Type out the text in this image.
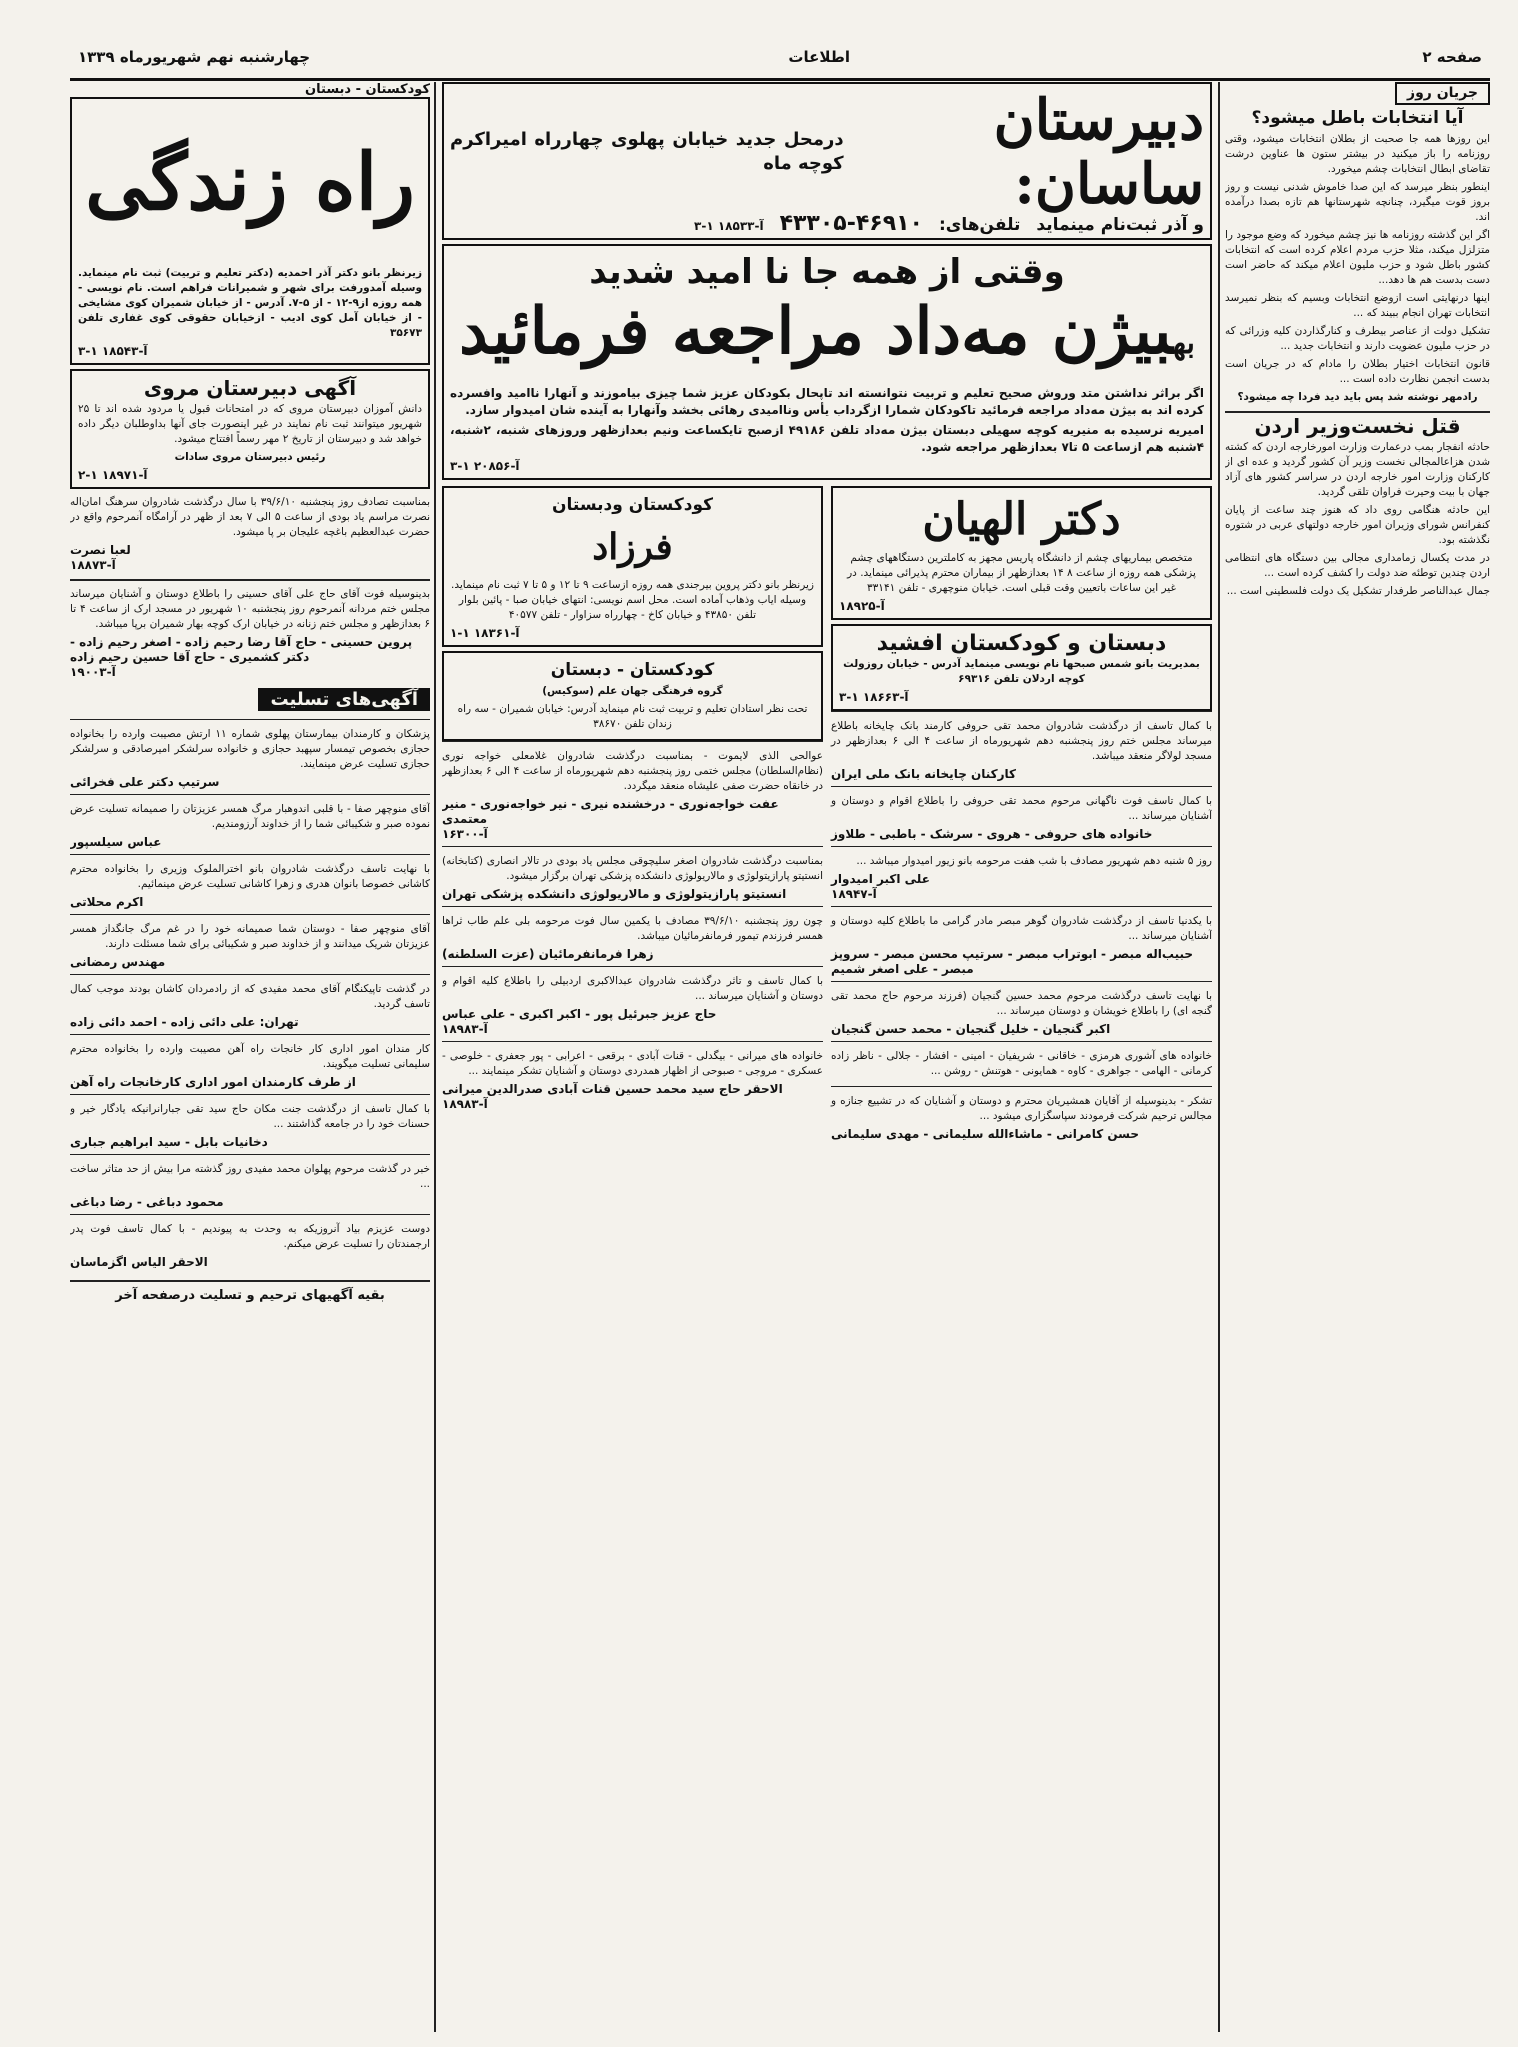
صفحه ۲
اطلاعات
چهارشنبه نهم شهریورماه ۱۳۳۹
جریان روز
آیا انتخابات باطل میشود؟

این روزها همه جا صحبت از بطلان انتخابات میشود، وقتی روزنامه را باز میکنید در بیشتر ستون ها عناوین درشت تقاضای ابطال انتخابات چشم میخورد.

اینطور بنظر میرسد که این صدا خاموش شدنی نیست و روز بروز قوت میگیرد، چنانچه شهرستانها هم تازه بصدا درآمده اند.

اگر این گذشته روزنامه ها نیز چشم میخورد که وضع موجود را متزلزل میکند، مثلا حزب مردم اعلام کرده است که انتخابات کشور باطل شود و حزب ملیون اعلام میکند که حاضر است دست بدست هم ها دهد...

اینها درنهایتی است ازوضع انتخابات وبسیم که بنظر نمیرسد انتخابات تهران انجام ببیند که ...

تشکیل دولت از عناصر بیطرف و کنارگذاردن کلیه وزرائی که در حزب ملیون عضویت دارند و انتخابات جدید ...

قانون انتخابات اختیار بطلان را مادام که در جریان است بدست انجمن نظارت داده است ...

رادمهر نوشته شد پس باید دید فردا چه میشود؟

قتل نخست‌وزیر اردن

حادثه انفجار بمب درعمارت وزارت امورخارجه اردن که کشته شدن هزاعالمجالی نخست وزیر آن کشور گردید و عده ای از کارکنان وزارت امور خارجه اردن در سراسر کشور های آزاد جهان با بیت وحیرت فراوان تلقی گردید.

این حادثه هنگامی روی داد که هنوز چند ساعت از پایان کنفرانس شورای وزیران امور خارجه دولتهای عربی در شتوره نگذشته بود.

در مدت یکسال زمامداری مجالی بین دستگاه های انتظامی اردن چندین توطئه ضد دولت را کشف کرده است ...

جمال عبدالناصر طرفدار تشکیل یک دولت فلسطینی است ...

دبیرستان ساسان:
درمحل جدید خیابان پهلوی چهارراه امیراکرم کوچه ماه
و آذر ثبت‌نام مینماید
تلفن‌های:
۴۳۳۰۵-۴۶۹۱۰
آ-۱۸۵۳۳ ۱-۳
وقتی از همه جا نا امید شدید
بهبیژن مه‌داد مراجعه فرمائید

اگر براثر نداشتن متد وروش صحیح تعلیم و تربیت نتوانسته اند تاپحال بکودکان عزیز شما چیزی بیاموزند و آنهارا ناامید وافسرده کرده اند به بیژن مه‌داد مراجعه فرمائید تاکودکان شمارا ازگرداب یأس وناامیدی رهائی بخشد وآنهارا به آینده شان امیدوار سازد.

امیریه نرسیده به منیریه کوچه سهیلی دبستان بیژن مه‌داد تلفن ۴۹۱۸۶ ازصبح تایکساعت ونیم بعدازظهر وروزهای شنبه، ۲شنبه، ۴شنبه هم ازساعت ۵ تا۷ بعدازظهر مراجعه شود.

آ-۲۰۸۵۶ ۱-۳
دکتر الهیان

متخصص بیماریهای چشم از دانشگاه پاریس مجهز به کاملترین دستگاههای چشم پزشکی همه روزه از ساعت ۸ ۱۴ بعدازظهر از بیماران محترم پذیرائی مینماید. در غیر این ساعات باتعیین وقت قبلی است. خیابان منوچهری - تلفن ۳۳۱۴۱

آ-۱۸۹۲۵
دبستان و کودکستان افشید

بمدیریت بانو شمس صبحها نام نویسی مینماید آدرس - خیابان روزولت کوچه اردلان تلفن ۶۹۳۱۶

آ-۱۸۶۶۳ ۱-۳

با کمال تاسف از درگذشت شادروان محمد تقی حروفی کارمند بانک چایخانه باطلاع میرساند مجلس ختم روز پنجشنبه دهم شهریورماه از ساعت ۴ الی ۶ بعدازظهر در مسجد لولاگر منعقد میباشد.

کارکنان چایخانه بانک ملی ایران

با کمال تاسف فوت ناگهانی مرحوم محمد تقی حروفی را باطلاع اقوام و دوستان و آشنایان میرساند ...

خانواده های حروفی - هروی - سرشک - باطبی - طلاوز

روز ۵ شنبه دهم شهریور مصادف با شب هفت مرحومه بانو زیور امیدوار میباشد ...

علی اکبر امیدوار
آ-۱۸۹۴۷

با یکدنیا تاسف از درگذشت شادروان گوهر مبصر مادر گرامی ما باطلاع کلیه دوستان و آشنایان میرساند ...

حبیب‌اله مبصر - ابوتراب مبصر - سرتیپ محسن مبصر - سروپز مبصر - علی اصغر شمیم

با نهایت تاسف درگذشت مرحوم محمد حسین گنجیان (فرزند مرحوم حاج محمد تقی گنجه ای) را باطلاع خویشان و دوستان میرساند ...

اکبر گنجیان - خلیل گنجیان - محمد حسن گنجیان

خانواده های آشوری هرمزی - خاقانی - شریفیان - امینی - افشار - جلالی - ناظر زاده کرمانی - الهامی - جواهری - کاوه - همایونی - هوتنش - روشن ...

تشکر - بدینوسیله از آقایان همشیریان محترم و دوستان و آشنایان که در تشییع جنازه و مجالس ترحیم شرکت فرمودند سپاسگزاری میشود ...

حسن کامرانی - ماشاءالله سلیمانی - مهدی سلیمانی
کودکستان ودبستان
فرزاد

زیرنظر بانو دکتر پروین بیرجندی همه روزه ازساعت ۹ تا ۱۲ و ۵ تا ۷ ثبت نام مینماید. وسیله ایاب وذهاب آماده است. محل اسم نویسی: انتهای خیابان صبا - پائین بلوار تلفن ۴۳۸۵۰ و خیابان کاخ - چهارراه سزاوار - تلفن ۴۰۵۷۷

آ-۱۸۳۶۱ ۱-۱
کودکستان - دبستان

گروه فرهنگی جهان علم (سوکیس)

تحت نظر استادان تعلیم و تربیت ثبت نام مینماید آدرس: خیابان شمیران - سه راه زندان تلفن ۳۸۶۷۰

عوالحی الذی لایموت - بمناسبت درگذشت شادروان غلامعلی خواجه نوری (نظام‌السلطان) مجلس ختمی روز پنجشنبه دهم شهریورماه از ساعت ۴ الی ۶ بعدازظهر در خانقاه حضرت صفی علیشاه منعقد میگردد.

عفت خواجه‌نوری - درخشنده نیری - نیر خواجه‌نوری - منیر معتمدی
آ-۱۶۳۰۰

بمناسبت درگذشت شادروان اصغر سلیچوقی مجلس یاد بودی در تالار انصاری (کتابخانه) انستیتو پارازیتولوژی و مالاریولوژی دانشکده پزشکی تهران برگزار میشود.

انستیتو پارازیتولوژی و مالاریولوژی دانشکده پزشکی تهران

چون روز پنجشنبه ۳۹/۶/۱۰ مصادف با یکمین سال فوت مرحومه بلی علم طاب ثراها همسر فرزندم تیمور فرمانفرمائیان میباشد.

زهرا فرمانفرمائیان (عزت السلطنه)

با کمال تاسف و تاثر درگذشت شادروان عبدالاکبری اردبیلی را باطلاع کلیه اقوام و دوستان و آشنایان میرساند ...

حاج عزیز جبرئیل پور - اکبر اکبری - علی عباس
آ-۱۸۹۸۳

خانواده های میرانی - بیگدلی - قنات آبادی - برقعی - اعرابی - پور جعفری - خلوصی - عسکری - مروجی - صبوحی از اظهار همدردی دوستان و آشنایان تشکر مینمایند ...

الاحقر حاج سید محمد حسین قنات آبادی صدرالدین میرانی
آ-۱۸۹۸۳
کودکستان - دبستان
راه زندگی

زیرنظر بانو دکتر آذر احمدیه (دکتر تعلیم و تربیت) ثبت نام مینماید. وسیله آمدورفت برای شهر و شمیرانات فراهم است. نام نویسی - همه روزه از۹-۱۲ - از ۵-۷. آدرس - از خیابان شمیران کوی مشایخی - از خیابان آمل کوی ادیب - ازخیابان حقوقی کوی غفاری تلفن ۳۵۶۷۳

آ-۱۸۵۴۳ ۱-۳
آگهی دبیرستان مروی

دانش آموزان دبیرستان مروی که در امتحانات قبول یا مردود شده اند تا ۲۵ شهریور میتوانند ثبت نام نمایند در غیر اینصورت جای آنها بداوطلبان دیگر داده خواهد شد و دبیرستان از تاریخ ۲ مهر رسماً افتتاح میشود.

رئیس دبیرستان مروی سادات

آ-۱۸۹۷۱ ۱-۲

بمناسبت تصادف روز پنجشنبه ۳۹/۶/۱۰ با سال درگذشت شادروان سرهنگ امان‌اله نصرت مراسم یاد بودی از ساعت ۵ الی ۷ بعد از ظهر در آرامگاه آنمرحوم واقع در حضرت عبدالعظیم باغچه علیجان بر پا میشود.

لعبا نصرت
آ-۱۸۸۷۳

بدینوسیله فوت آقای حاج علی آقای حسینی را باطلاع دوستان و آشنایان میرساند مجلس ختم مردانه آنمرحوم روز پنجشنبه ۱۰ شهریور در مسجد ارک از ساعت ۴ تا ۶ بعدازظهر و مجلس ختم زنانه در خیابان ارک کوچه بهار شمیران برپا میباشد.

پروین حسینی - حاج آقا رضا رحیم زاده - اصغر رحیم زاده - دکتر کشمیری - حاج آقا حسین رحیم زاده
آ-۱۹۰۰۳
آگهی‌های تسلیت

پزشکان و کارمندان بیمارستان پهلوی شماره ۱۱ ارتش مصیبت وارده را بخانواده حجازی بخصوص تیمسار سپهبد حجازی و خانواده سرلشکر امیرصادقی و سرلشکر حجازی تسلیت عرض مینمایند.

سرتیپ دکتر علی فخرائی

آقای منوچهر صفا - با قلبی اندوهبار مرگ همسر عزیزتان را صمیمانه تسلیت عرض نموده صبر و شکیبائی شما را از خداوند آرزومندیم.

عباس سیلسپور

با نهایت تاسف درگذشت شادروان بانو اخترالملوک وزیری را بخانواده محترم کاشانی خصوصا بانوان هدری و زهرا کاشانی تسلیت عرض مینمائیم.

اکرم محلاتی

آقای منوچهر صفا - دوستان شما صمیمانه خود را در غم مرگ جانگداز همسر عزیزتان شریک میدانند و از خداوند صبر و شکیبائی برای شما مسئلت دارند.

مهندس رمضانی

در گذشت تاپیکنگام آقای محمد مفیدی که از رادمردان کاشان بودند موجب کمال تاسف گردید.

تهران: علی دائی زاده - احمد دائی زاده

کار مندان امور اداری کار خانجات راه آهن مصیبت وارده را بخانواده محترم سلیمانی تسلیت میگویند.

از طرف کارمندان امور اداری کارخانجات راه آهن

با کمال تاسف از درگذشت جنت مکان حاج سید تقی جبارانرانیکه یادگار خیر و حسنات خود را در جامعه گذاشتند ...

دخانیات بابل - سید ابراهیم جباری

خبر در گذشت مرحوم پهلوان محمد مفیدی روز گذشته مرا بیش از حد متاثر ساخت ...

محمود دباغی - رضا دباغی

دوست عزیزم بیاد آنروزیکه به وحدت به پیوندیم - با کمال تاسف فوت پدر ارجمندتان را تسلیت عرض میکنم.

الاحقر الیاس اگزماسان
بقیه آگهیهای ترحیم و تسلیت درصفحه آخر
